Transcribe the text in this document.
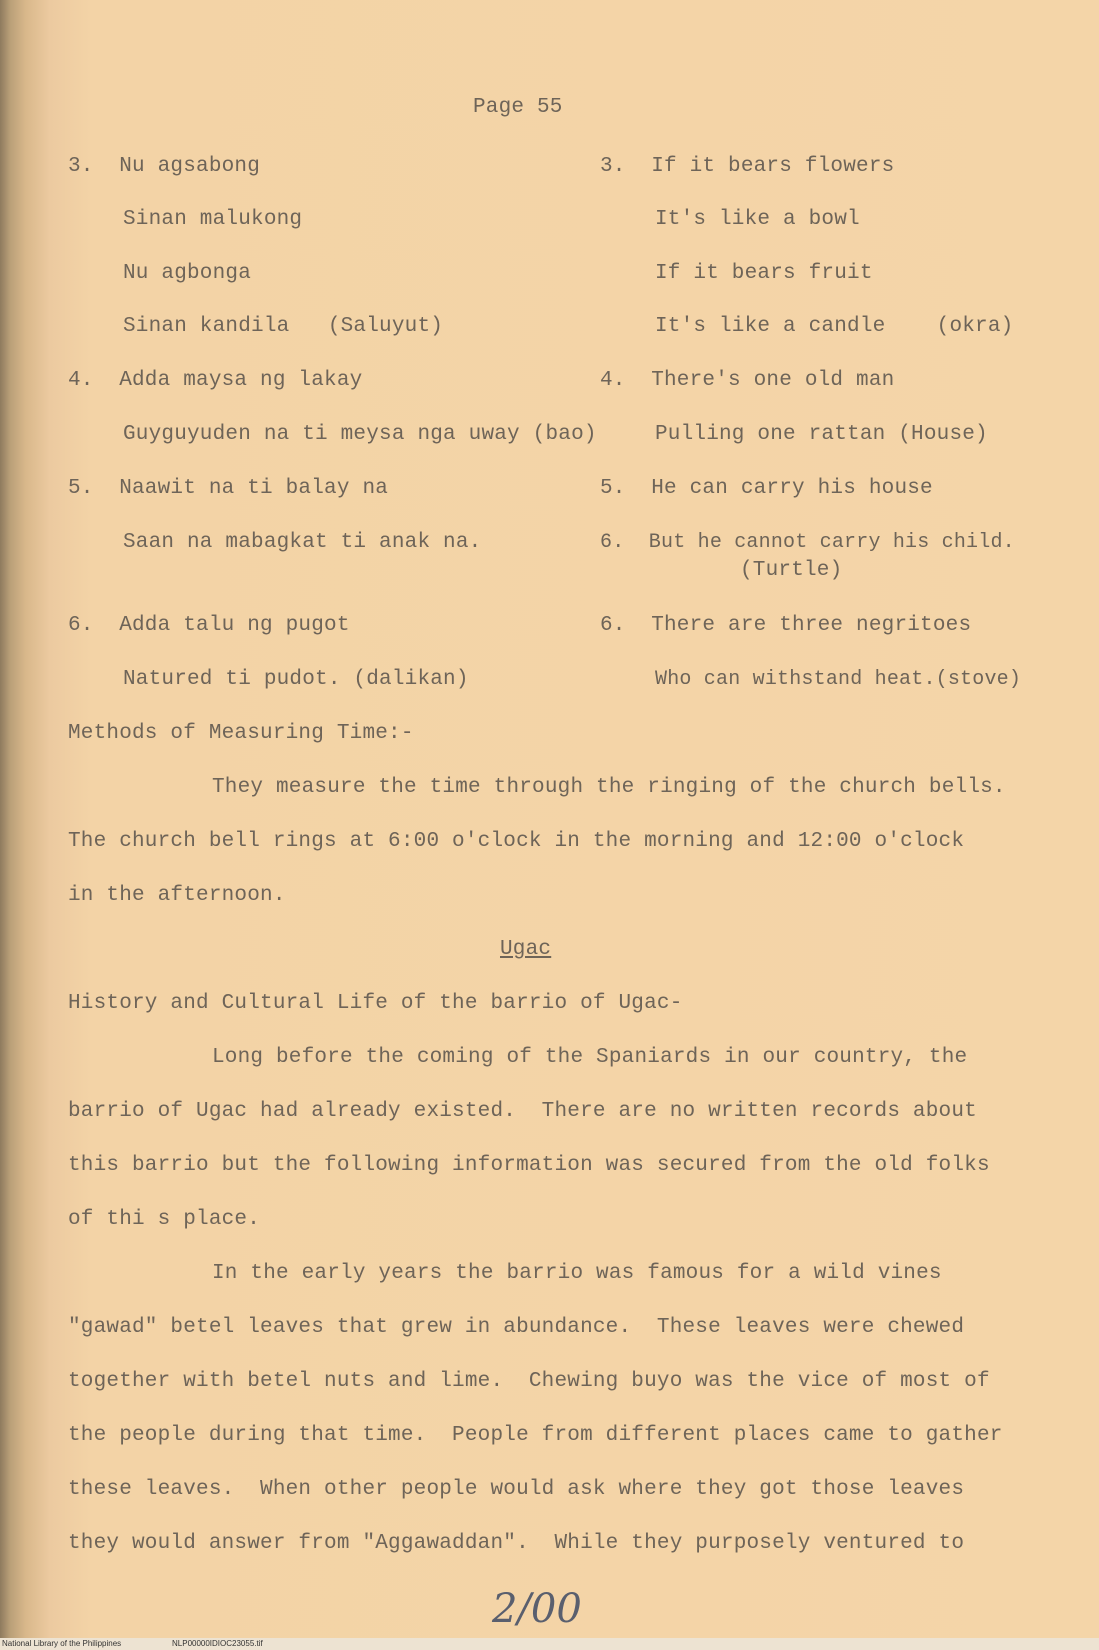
Page 55
3.  Nu agsabong
Sinan malukong
Nu agbonga
Sinan kandila   (Saluyut)
4.  Adda maysa ng lakay
Guyguyuden na ti meysa nga uway (bao)
5.  Naawit na ti balay na
Saan na mabagkat ti anak na.
6.  Adda talu ng pugot
Natured ti pudot. (dalikan)
3.  If it bears flowers
It's like a bowl
If it bears fruit
It's like a candle    (okra)
4.  There's one old man
Pulling one rattan (House)
5.  He can carry his house
6.  But he cannot carry his child.
(Turtle)
6.  There are three negritoes
Who can withstand heat.(stove)
Methods of Measuring Time:-
They measure the time through the ringing of the church bells.
The church bell rings at 6:00 o'clock in the morning and 12:00 o'clock
in the afternoon.
Ugac
History and Cultural Life of the barrio of Ugac-
Long before the coming of the Spaniards in our country, the
barrio of Ugac had already existed.  There are no written records about
this barrio but the following information was secured from the old folks
of thi s place.
In the early years the barrio was famous for a wild vines
"gawad" betel leaves that grew in abundance.  These leaves were chewed
together with betel nuts and lime.  Chewing buyo was the vice of most of
the people during that time.  People from different places came to gather
these leaves.  When other people would ask where they got those leaves
they would answer from "Aggawaddan".  While they purposely ventured to
2/00
National Library of the Philippines	NLP00000IDIOC23055.tif
